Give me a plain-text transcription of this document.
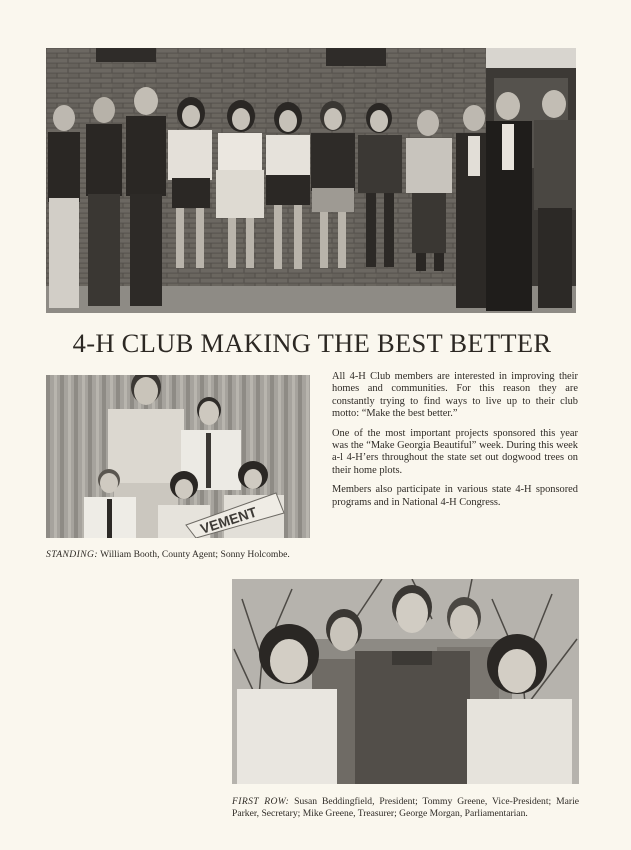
4-H CLUB MAKING THE BEST BETTER
VEMENT

All 4-H Club members are interested in improving their homes and communities. For this reason they are constantly trying to find ways to live up to their club motto: “Make the best better.”

One of the most important projects sponsored this year was the “Make Georgia Beautiful” week. During this week a-l 4-H’ers throughout the state set out dogwood trees on their home plots.

Members also participate in various state 4-H sponsored programs and in National 4-H Congress.

STANDING: William Booth, County Agent; Sonny Holcombe.
FIRST ROW: Susan Beddingfield, President; Tommy Greene, Vice-President; Marie Parker, Secretary; Mike Greene, Treasurer; George Morgan, Parliamentarian.
